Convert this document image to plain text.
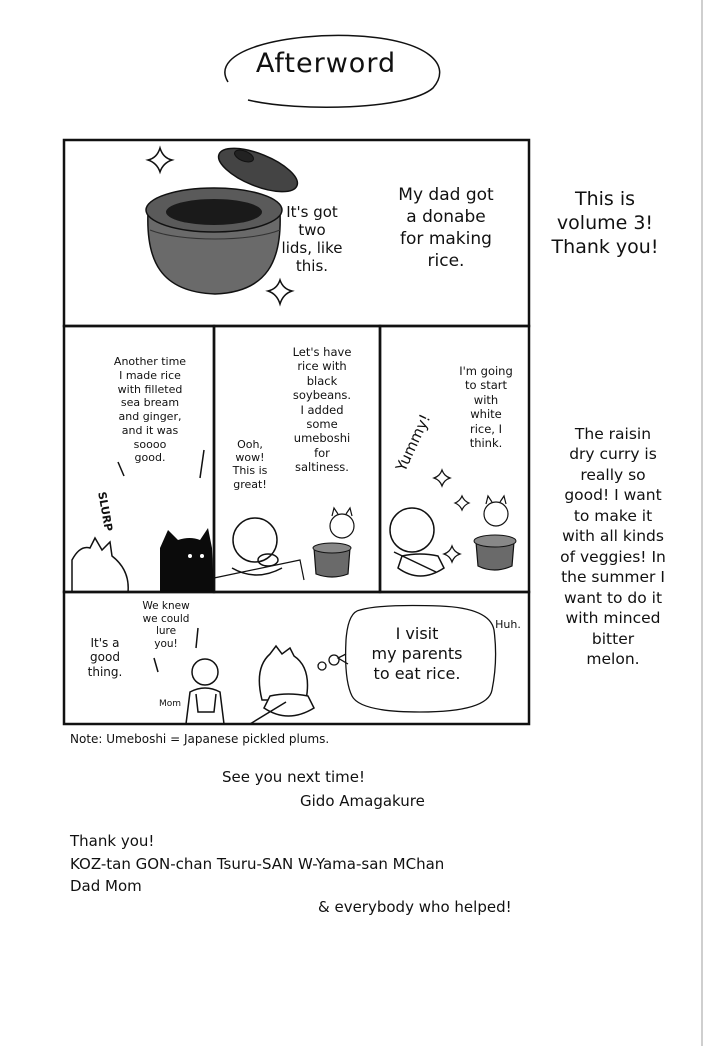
Afterword
It's got
two
lids, like
this.
My dad got
a donabe
for making
rice.
Another time
I made rice
with filleted
sea bream
and ginger,
and it was
soooo
good.
SLURP
Ooh,
wow!
This is
great!
Let's have
rice with
black
soybeans.
I added
some
umeboshi
for
saltiness.	Yummy!
I'm going
to start
with
white
rice, I
think.
It's a
good
thing.
We knew
we could
lure
you!
Mom
I visit
my parents
to eat rice.
Huh.
This is
volume 3!
Thank you!
The raisin
dry curry is
really so
good! I want
to make it
with all kinds
of veggies! In
the summer I
want to do it
with minced
bitter
melon.
Note: Umeboshi = Japanese pickled plums.
See you next time!
Gido Amagakure
Thank you!
KOZ-tan GON-chan Tsuru-SAN W-Yama-san MChan
Dad Mom
& everybody who helped!
